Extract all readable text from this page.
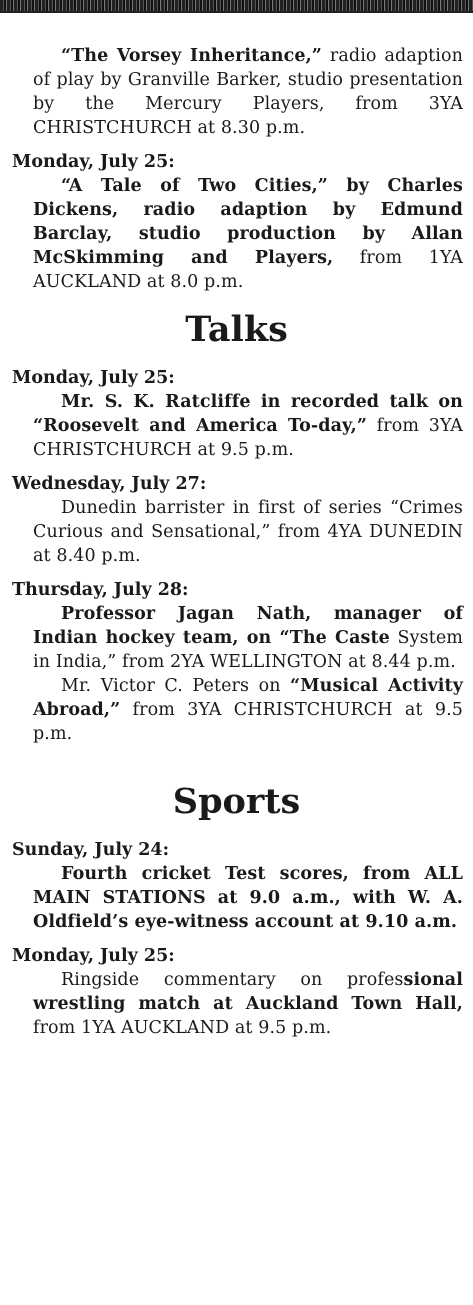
“The Vorsey Inheritance,” radio adaption of play by Granville Barker, studio presentation by the Mercury Players, from 3YA CHRISTCHURCH at 8.30 p.m.

Monday, July 25:

“A Tale of Two Cities,” by Charles Dickens, radio adaption by Edmund Barclay, studio production by Allan McSkimming and Players, from 1YA AUCKLAND at 8.0 p.m.

Talks

Monday, July 25:

Mr. S. K. Ratcliffe in recorded talk on “Roosevelt and America To-day,” from 3YA CHRISTCHURCH at 9.5 p.m.

Wednesday, July 27:

Dunedin barrister in first of series “Crimes Curious and Sensational,” from 4YA DUNEDIN at 8.40 p.m.

Thursday, July 28:

Professor Jagan Nath, manager of Indian hockey team, on “The Caste System in India,” from 2YA WELLINGTON at 8.44 p.m.

Mr. Victor C. Peters on “Musical Activity Abroad,” from 3YA CHRISTCHURCH at 9.5 p.m.

Sports

Sunday, July 24:

Fourth cricket Test scores, from ALL MAIN STATIONS at 9.0 a.m., with W. A. Oldfield’s eye-witness account at 9.10 a.m.

Monday, July 25:

Ringside commentary on professional wrestling match at Auckland Town Hall, from 1YA AUCKLAND at 9.5 p.m.
